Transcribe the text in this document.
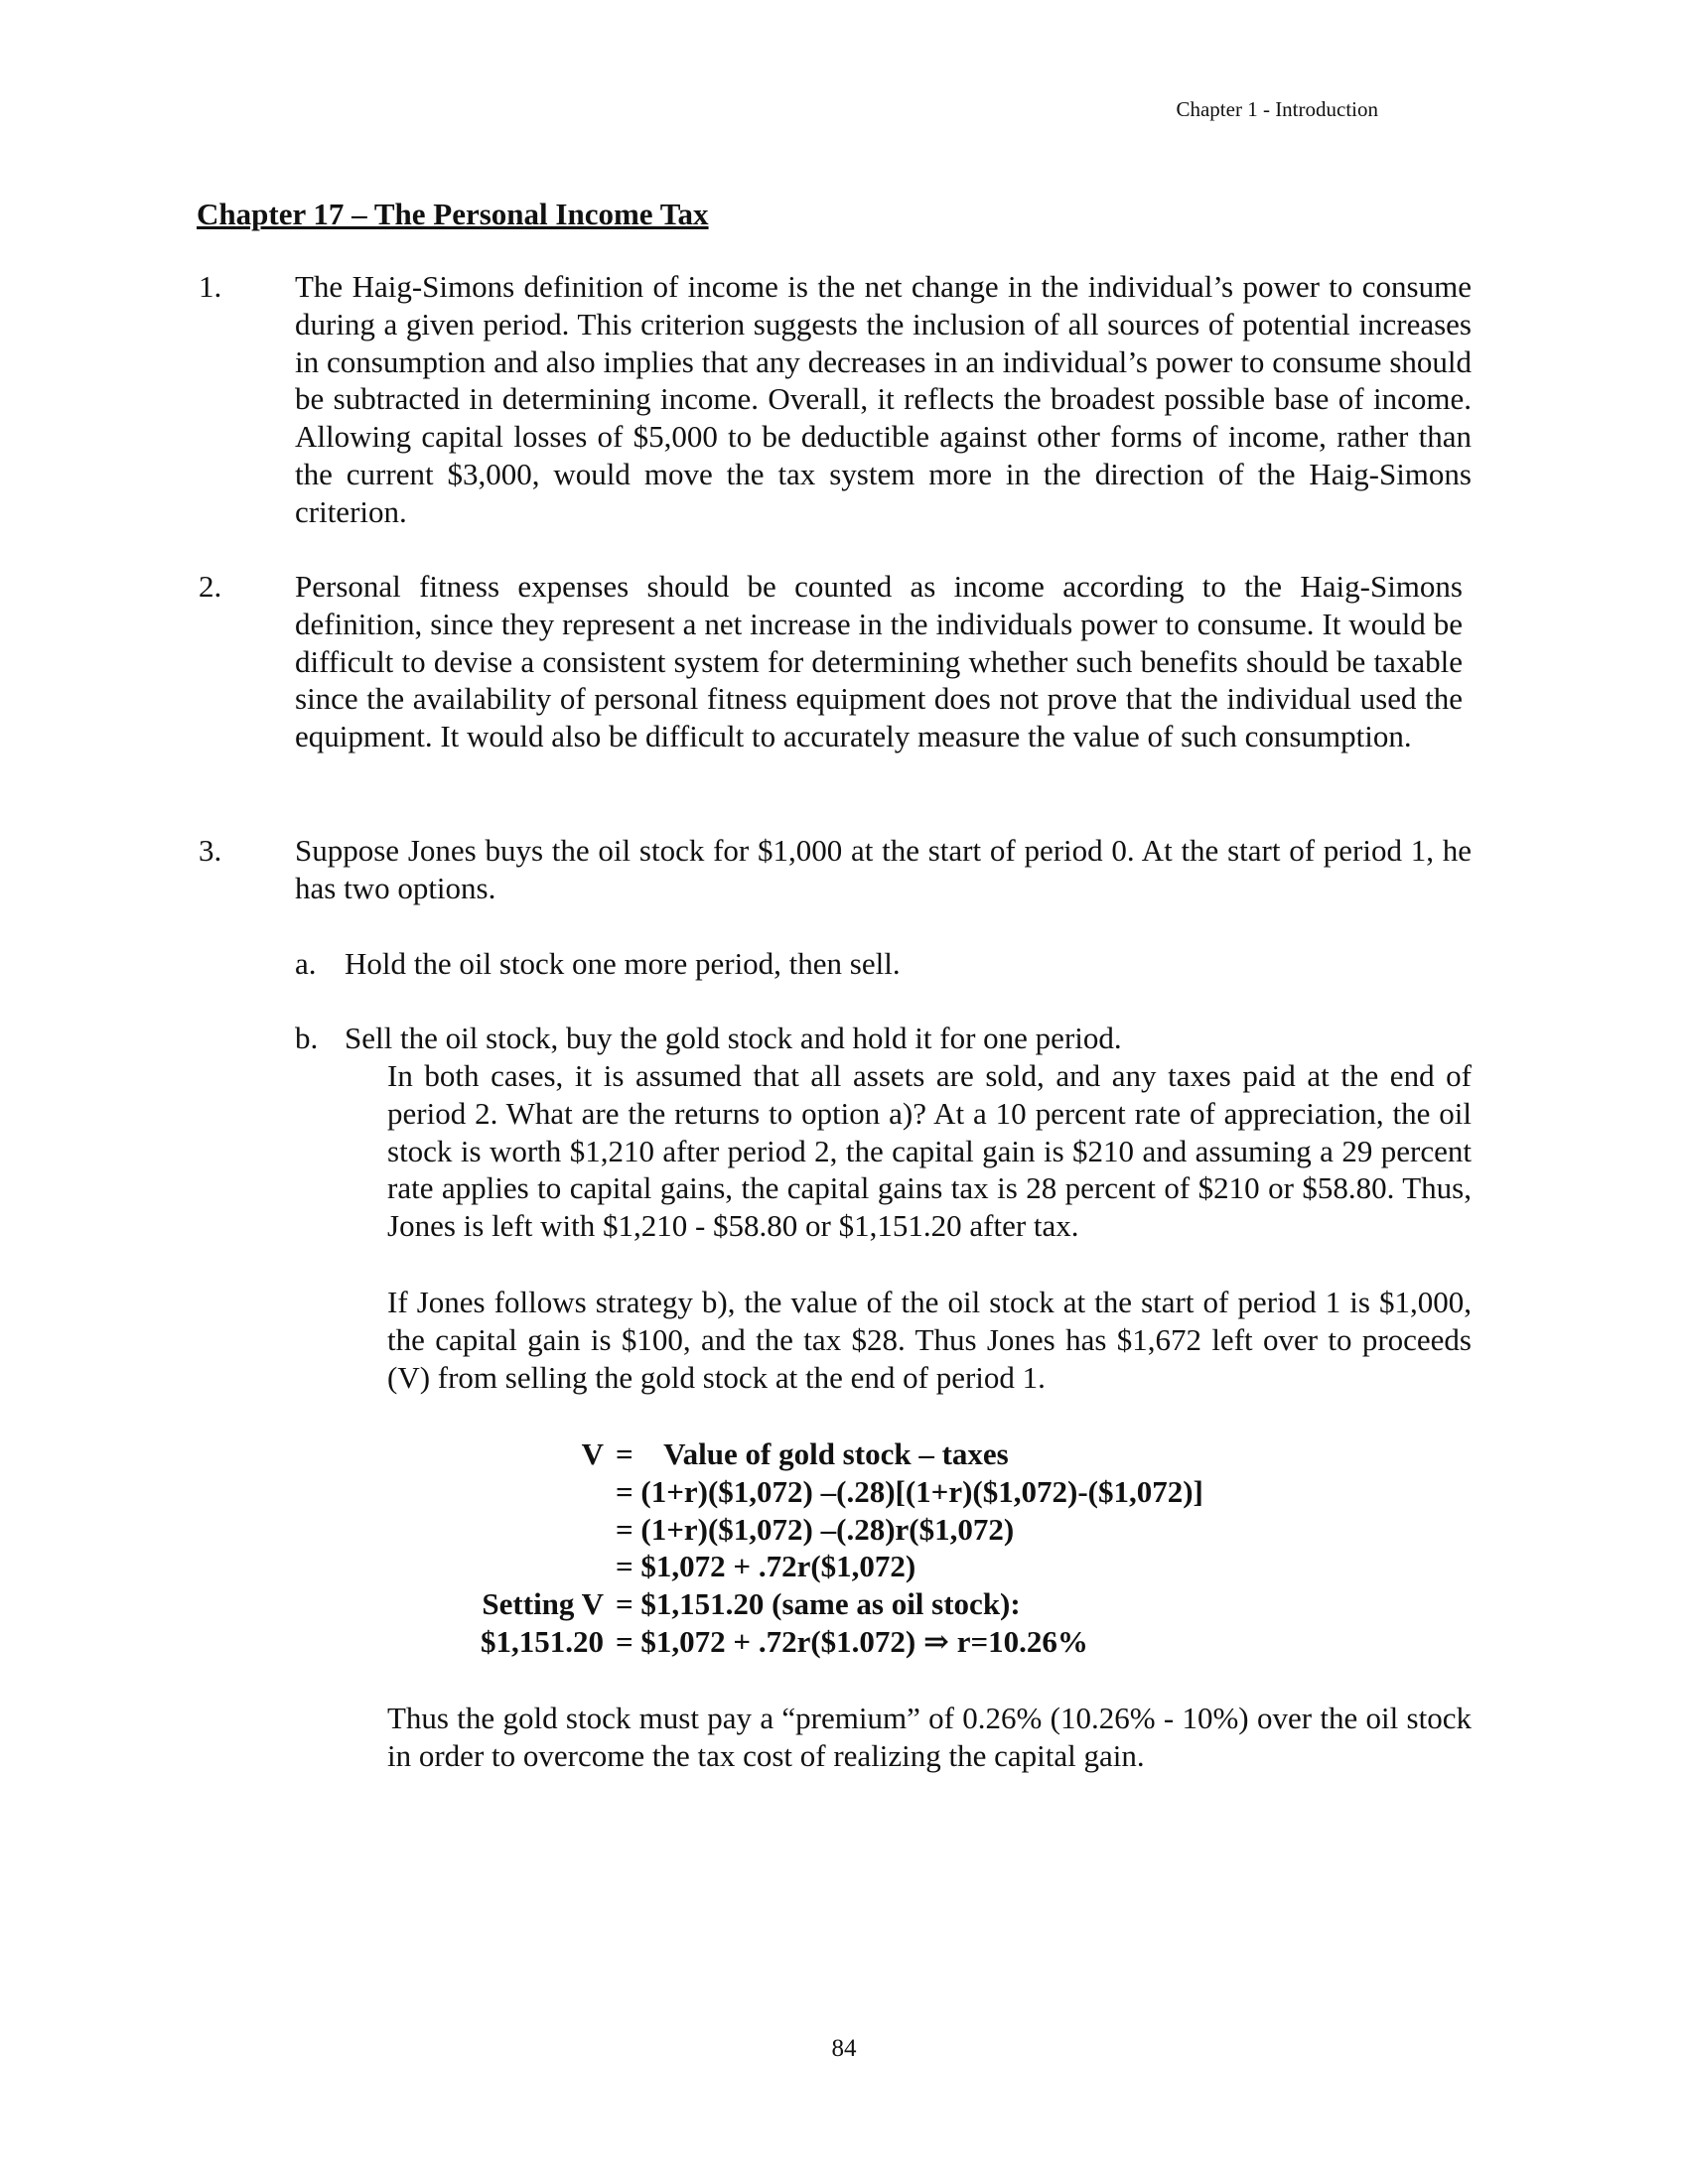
Chapter 1 - Introduction
Chapter 17 – The Personal Income Tax
1. The Haig-Simons definition of income is the net change in the individual’s power to consume during a given period. This criterion suggests the inclusion of all sources of potential increases in consumption and also implies that any decreases in an individual’s power to consume should be subtracted in determining income. Overall, it reflects the broadest possible base of income. Allowing capital losses of $5,000 to be deductible against other forms of income, rather than the current $3,000, would move the tax system more in the direction of the Haig-Simons criterion.
2. Personal fitness expenses should be counted as income according to the Haig-Simons definition, since they represent a net increase in the individuals power to consume. It would be difficult to devise a consistent system for determining whether such benefits should be taxable since the availability of personal fitness equipment does not prove that the individual used the equipment. It would also be difficult to accurately measure the value of such consumption.
3. Suppose Jones buys the oil stock for $1,000 at the start of period 0. At the start of period 1, he has two options.
a. Hold the oil stock one more period, then sell.
b. Sell the oil stock, buy the gold stock and hold it for one period.
In both cases, it is assumed that all assets are sold, and any taxes paid at the end of period 2. What are the returns to option a)? At a 10 percent rate of appreciation, the oil stock is worth $1,210 after period 2, the capital gain is $210 and assuming a 29 percent rate applies to capital gains, the capital gains tax is 28 percent of $210 or $58.80. Thus, Jones is left with $1,210 - $58.80 or $1,151.20 after tax.
If Jones follows strategy b), the value of the oil stock at the start of period 1 is $1,000, the capital gain is $100, and the tax $28. Thus Jones has $1,672 left over to proceeds (V) from selling the gold stock at the end of period 1.
V =    Value of gold stock – taxes
= (1+r)($1,072) –(.28)[(1+r)($1,072)-($1,072)]
= (1+r)($1,072) –(.28)r($1,072)
= $1,072 + .72r($1,072)
Setting V = $1,151.20 (same as oil stock):
$1,151.20 = $1,072 + .72r($1.072) ⇒ r=10.26%
Thus the gold stock must pay a “premium” of 0.26% (10.26% - 10%) over the oil stock in order to overcome the tax cost of realizing the capital gain.
84
